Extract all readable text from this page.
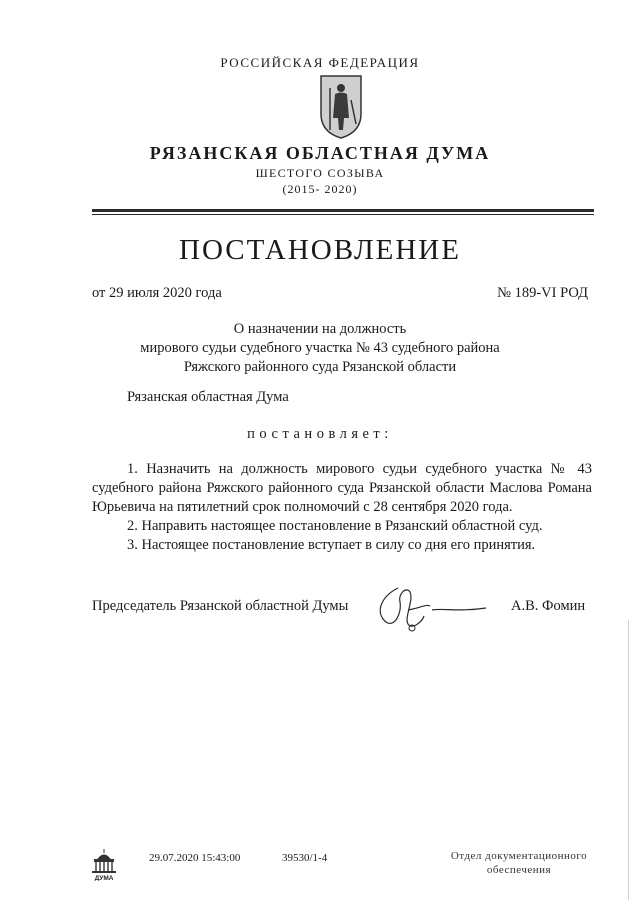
РОССИЙСКАЯ ФЕДЕРАЦИЯ
РЯЗАНСКАЯ ОБЛАСТНАЯ ДУМА
ШЕСТОГО СОЗЫВА
(2015- 2020)
ПОСТАНОВЛЕНИЕ
от 29 июля 2020 года	№ 189-VI РОД
О назначении на должность
мирового судьи судебного участка № 43 судебного района
Ряжского районного суда Рязанской области
Рязанская областная Дума
постановляет:

1. Назначить на должность мирового судьи судебного участка № 43 судебного района Ряжского районного суда Рязанской области Маслова Романа Юрьевича на пятилетний срок полномочий с 28 сентября 2020 года.

2. Направить настоящее постановление в Рязанский областной суд.

3. Настоящее постановление вступает в силу со дня его принятия.

Председатель Рязанской областной Думы	А.В. Фомин
ДУМА
29.07.2020 15:43:00	39530/1-4	Отдел документационного
обеспечения
